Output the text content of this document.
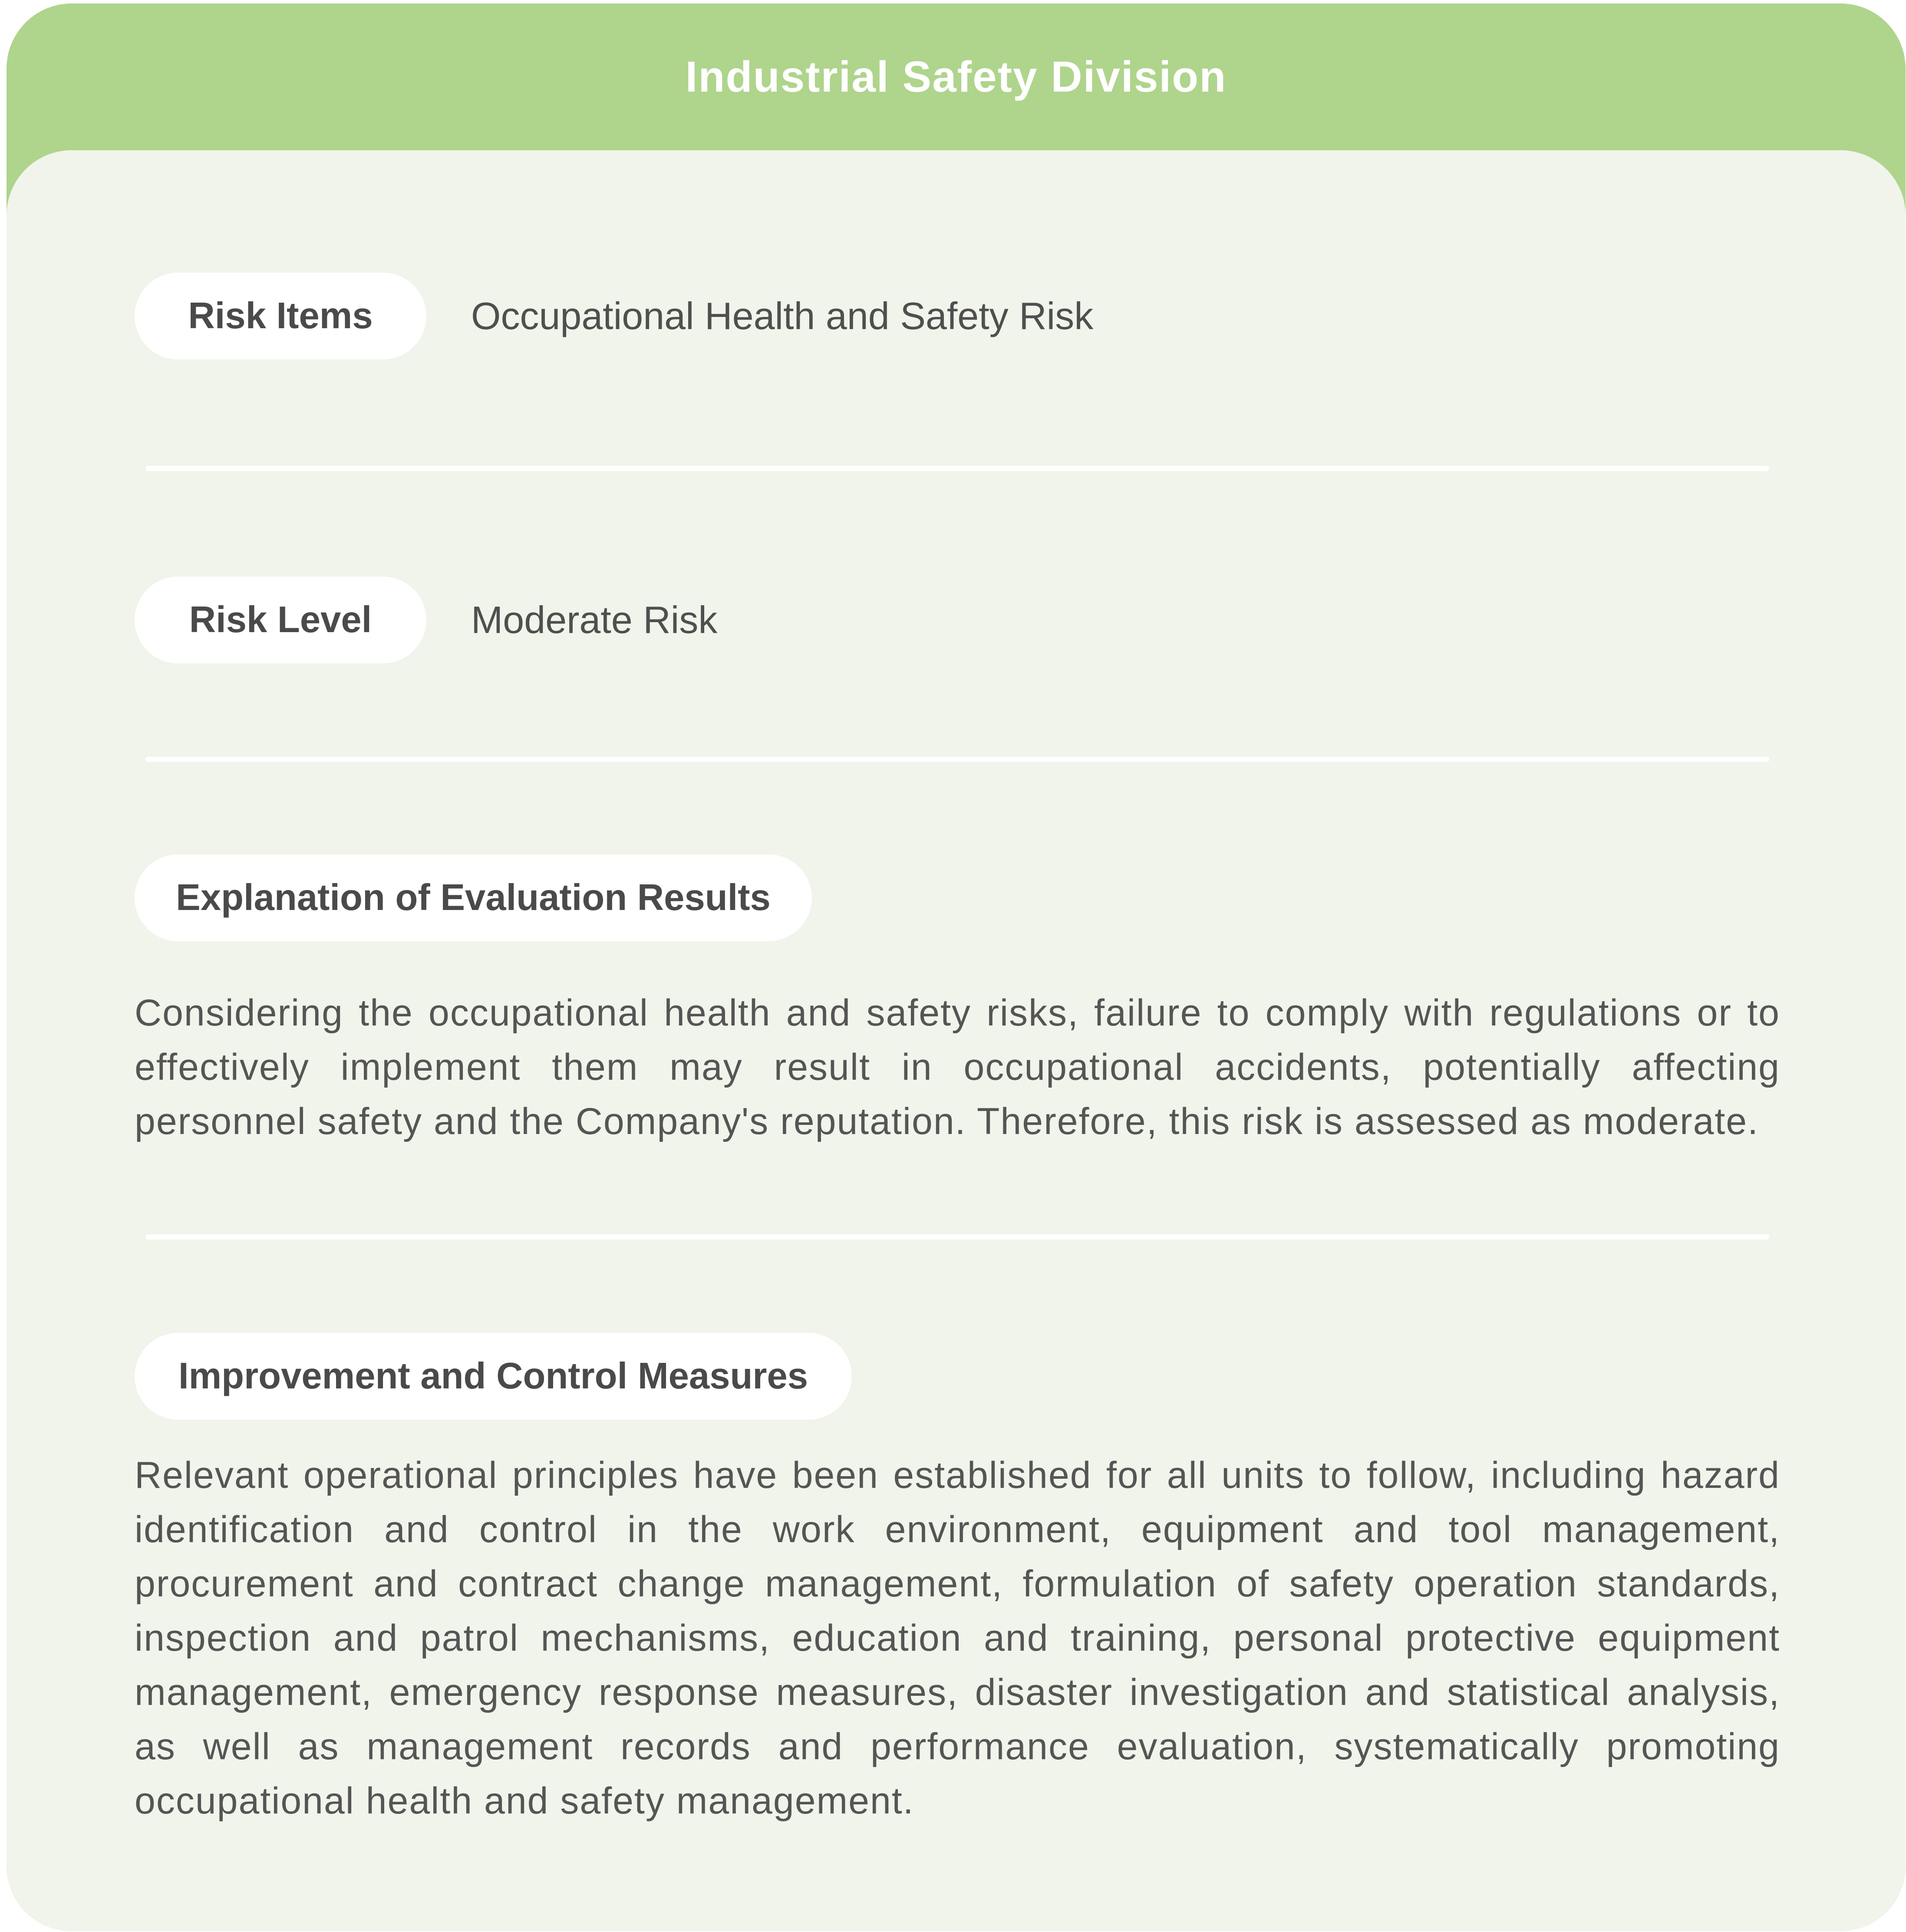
Industrial Safety Division
Risk Items	Occupational Health and Safety Risk
Risk Level	Moderate Risk
Explanation of Evaluation Results

Considering the occupational health and safety risks, failure to comply with regulations or to effectively implement them may result in occupational accidents, potentially affecting personnel safety and the Company's reputation. Therefore, this risk is assessed as moderate.

Improvement and Control Measures

Relevant operational principles have been established for all units to follow, including hazard identification and control in the work environment, equipment and tool management, procurement and contract change management, formulation of safety operation standards, inspection and patrol mechanisms, education and training, personal protective equipment management, emergency response measures, disaster investigation and statistical analysis, as well as management records and performance evaluation, systematically promoting occupational health and safety management.
